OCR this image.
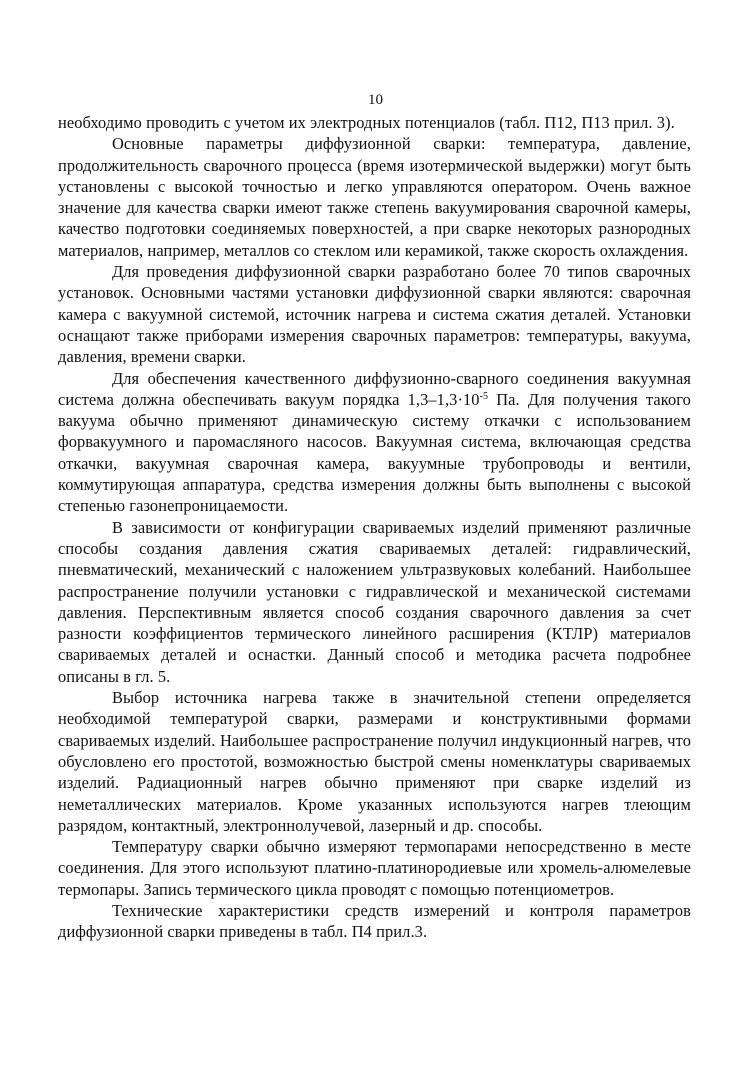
10

необходимо проводить с учетом их электродных потенциалов (табл. П12, П13 прил. 3).

Основные параметры диффузионной сварки: температура, давление, продолжительность сварочного процесса (время изотермической выдержки) могут быть установлены с высокой точностью и легко управляются оператором. Очень важное значение для качества сварки имеют также степень вакуумирования сварочной камеры, качество подготовки соединяемых поверхностей, а при сварке некоторых разнородных материалов, например, металлов со стеклом или керамикой, также скорость охлаждения.

Для проведения диффузионной сварки разработано более 70 типов сварочных установок. Основными частями установки диффузионной сварки являются: сварочная камера с вакуумной системой, источник нагрева и система сжатия деталей. Установки оснащают также приборами измерения сварочных параметров: температуры, вакуума, давления, времени сварки.

Для обеспечения качественного диффузионно-сварного соединения вакуумная система должна обеспечивать вакуум порядка $1,3-1,3\cdot 10^{-5}$ Па. Для получения такого вакуума обычно применяют динамическую систему откачки с использованием форвакуумного и паромасляного насосов. Вакуумная система, включающая средства откачки, вакуумная сварочная камера, вакуумные трубопроводы и вентили, коммутирующая аппаратура, средства измерения должны быть выполнены с высокой степенью газонепроницаемости.

В зависимости от конфигурации свариваемых изделий применяют различные способы создания давления сжатия свариваемых деталей: гидравлический, пневматический, механический с наложением ультразвуковых колебаний. Наибольшее распространение получили установки с гидравлической и механической системами давления. Перспективным является способ создания сварочного давления за счет разности коэффициентов термического линейного расширения (КТЛР) материалов свариваемых деталей и оснастки. Данный способ и методика расчета подробнее описаны в гл. 5.

Выбор источника нагрева также в значительной степени определяется необходимой температурой сварки, размерами и конструктивными формами свариваемых изделий. Наибольшее распространение получил индукционный нагрев, что обусловлено его простотой, возможностью быстрой смены номенклатуры свариваемых изделий. Радиационный нагрев обычно применяют при сварке изделий из неметаллических материалов. Кроме указанных используются нагрев тлеющим разрядом, контактный, электроннолучевой, лазерный и др. способы.

Температуру сварки обычно измеряют термопарами непосредственно в месте соединения. Для этого используют платино-платинородиевые или хромель-алюмелевые термопары. Запись термического цикла проводят с помощью потенциометров.

Технические характеристики средств измерений и контроля параметров диффузионной сварки приведены в табл. П4 прил.3.
